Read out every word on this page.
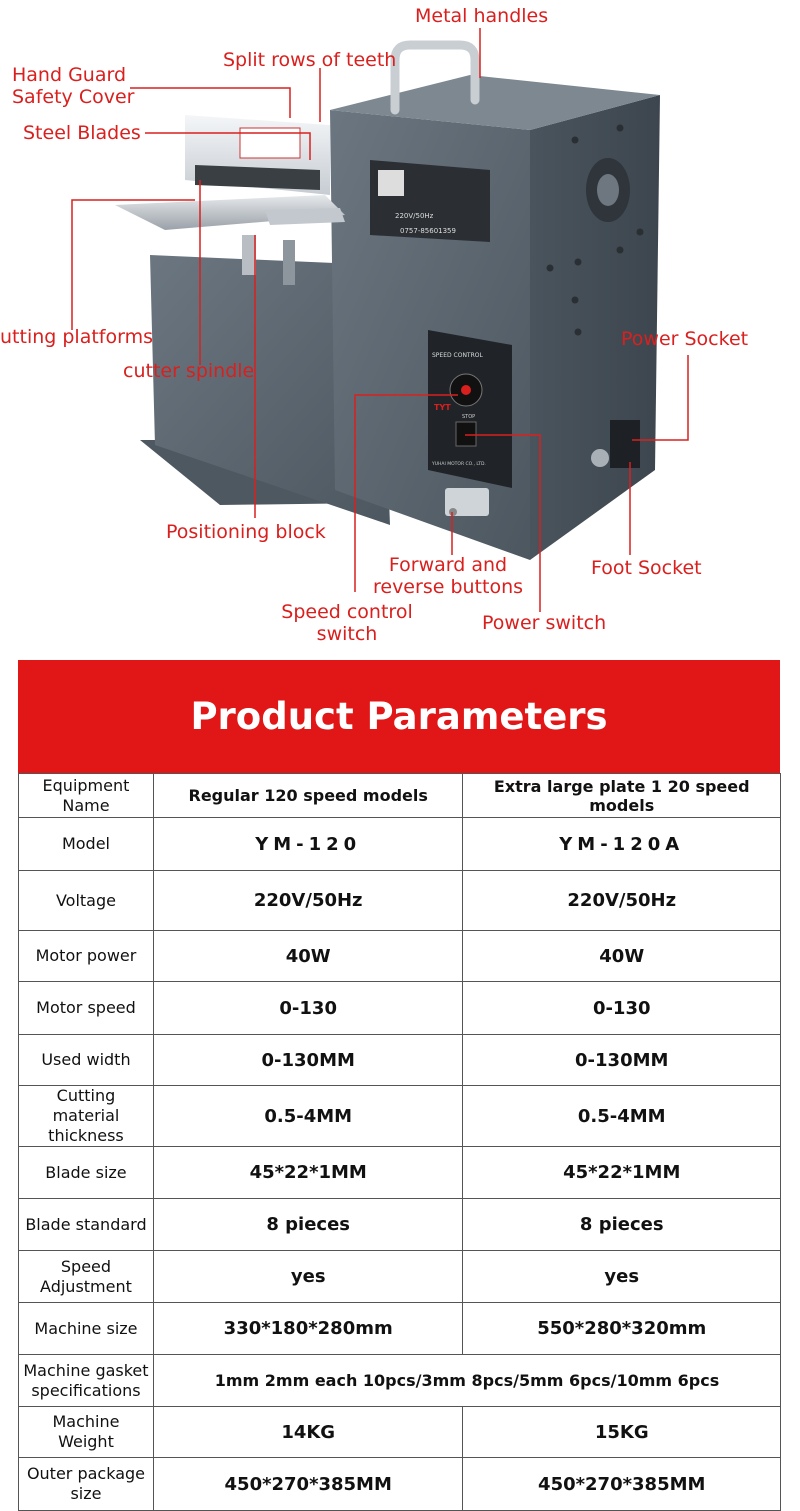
220V/50Hz
0757-85601359
SPEED CONTROL
TYT
STOP
YUHAI MOTOR CO., LTD.
Metal handles
Split rows of teeth
Hand Guard
Safety Cover
Steel Blades
utting platforms
cutter spindle
Power Socket
Positioning block
Forward and
reverse buttons
Foot Socket
Speed control
switch	Power switch
Product Parameters
Equipment
Name	Regular 120 speed models	Extra large plate 1 20 speed models
Model	YM-120	YM-120A
Voltage	220V/50Hz	220V/50Hz
Motor power	40W	40W
Motor speed	0-130	0-130
Used width	0-130MM	0-130MM
Cutting material
thickness	0.5-4MM	0.5-4MM
Blade size	45*22*1MM	45*22*1MM
Blade standard	8 pieces	8 pieces
Speed
Adjustment	yes	yes
Machine size	330*180*280mm	550*280*320mm
Machine gasket
specifications	1mm 2mm each 10pcs/3mm 8pcs/5mm 6pcs/10mm 6pcs	
Machine Weight	14KG	15KG
Outer package
size	450*270*385MM	450*270*385MM
